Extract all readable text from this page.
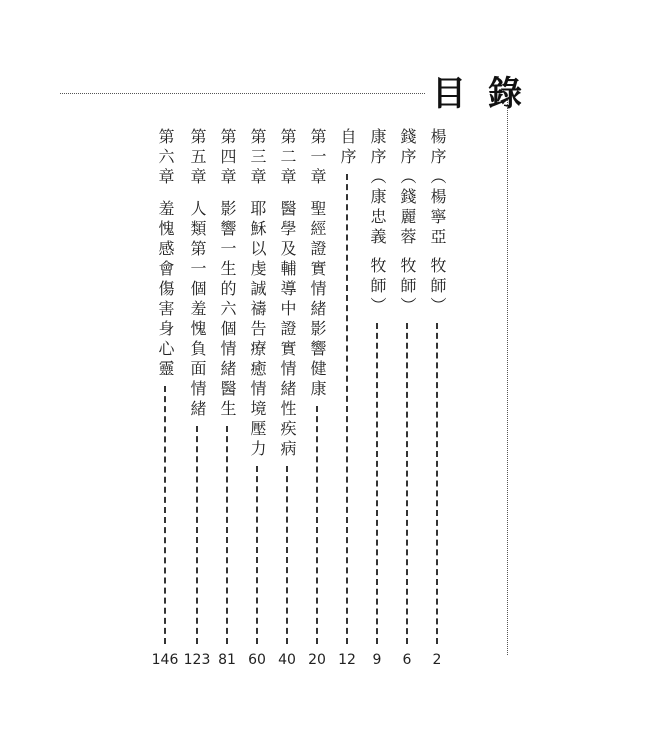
目錄
楊序（楊寧亞 牧師）
2
錢序（錢麗蓉 牧師）
6
康序（康忠義 牧師）
9
自序
12
第一章聖經證實情緒影響健康
20
第二章醫學及輔導中證實情緒性疾病
40
第三章耶穌以虔誠禱告療癒情境壓力
60
第四章影響一生的六個情緒醫生
81
第五章人類第一個羞愧負面情緒
123
第六章羞愧感會傷害身心靈
146
